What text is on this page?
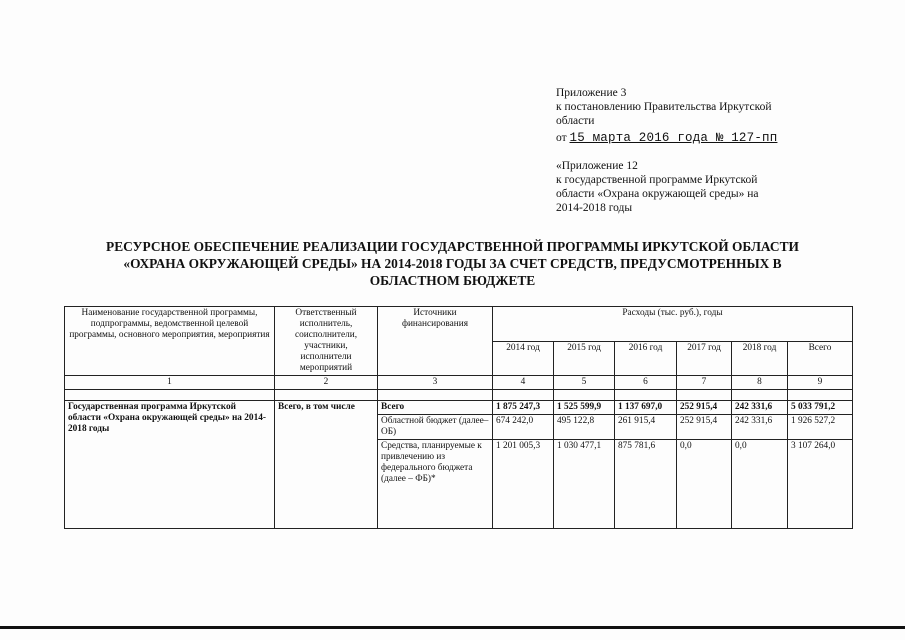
Приложение 3
к постановлению Правительства Иркутской
области
от 15 марта 2016 года № 127-пп
«Приложение 12
к государственной программе Иркутской
области «Охрана окружающей среды» на
2014-2018 годы
РЕСУРСНОЕ ОБЕСПЕЧЕНИЕ РЕАЛИЗАЦИИ ГОСУДАРСТВЕННОЙ ПРОГРАММЫ ИРКУТСКОЙ ОБЛАСТИ
«ОХРАНА ОКРУЖАЮЩЕЙ СРЕДЫ» НА 2014-2018 ГОДЫ ЗА СЧЕТ СРЕДСТВ, ПРЕДУСМОТРЕННЫХ В
ОБЛАСТНОМ БЮДЖЕТЕ
Наименование государственной программы, подпрограммы, ведомственной целевой программы, основного мероприятия, мероприятия	Ответственный исполнитель, соисполнители, участники, исполнители мероприятий	Источники финансирования	Расходы (тыс. руб.), годы					
			2014 год	2015 год	2016 год	2017 год	2018 год	Всего
1	2	3	4	5	6	7	8	9

Государственная программа Иркутской области «Охрана окружающей среды» на 2014-2018 годы	Всего, в том числе	Всего	1 875 247,3	1 525 599,9	1 137 697,0	252 915,4	242 331,6	5 033 791,2
		Областной бюджет (далее–ОБ)	674 242,0	495 122,8	261 915,4	252 915,4	242 331,6	1 926 527,2
		Средства, планируемые к привлечению из федерального бюджета (далее – ФБ)*	1 201 005,3	1 030 477,1	875 781,6	0,0	0,0	3 107 264,0
